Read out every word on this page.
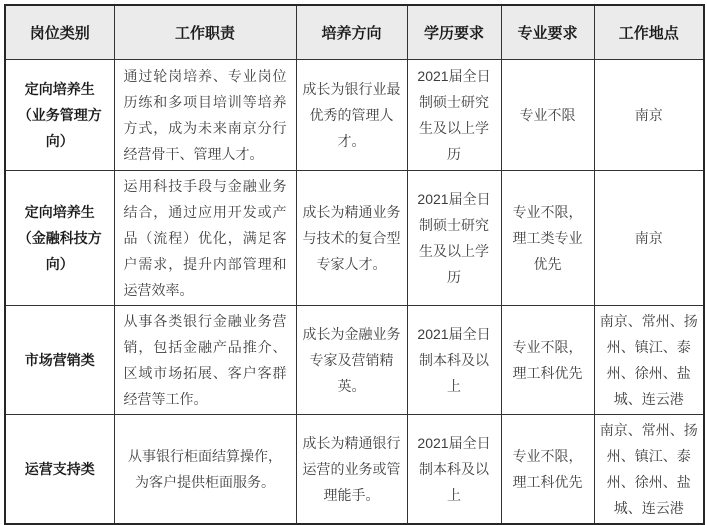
岗位类别	工作职责	培养方向	学历要求	专业要求	工作地点
定向培养生（业务管理方向）	通过轮岗培养、专业岗位历练和多项目培训等培养方式，成为未来南京分行经营骨干、管理人才。	成长为银行业最优秀的管理人才。	2021届全日制硕士研究生及以上学历	专业不限	南京
定向培养生（金融科技方向）	运用科技手段与金融业务结合，通过应用开发或产品（流程）优化，满足客户需求，提升内部管理和运营效率。	成长为精通业务与技术的复合型专家人才。	2021届全日制硕士研究生及以上学历	专业不限，理工类专业优先	南京
市场营销类	从事各类银行金融业务营销，包括金融产品推介、区域市场拓展、客户客群经营等工作。	成长为金融业务专家及营销精英。	2021届全日制本科及以上	专业不限，理工科优先	南京、常州、扬州、镇江、泰州、徐州、盐城、连云港
运营支持类	从事银行柜面结算操作，为客户提供柜面服务。	成长为精通银行运营的业务或管理能手。	2021届全日制本科及以上	专业不限，理工科优先	南京、常州、扬州、镇江、泰州、徐州、盐城、连云港
